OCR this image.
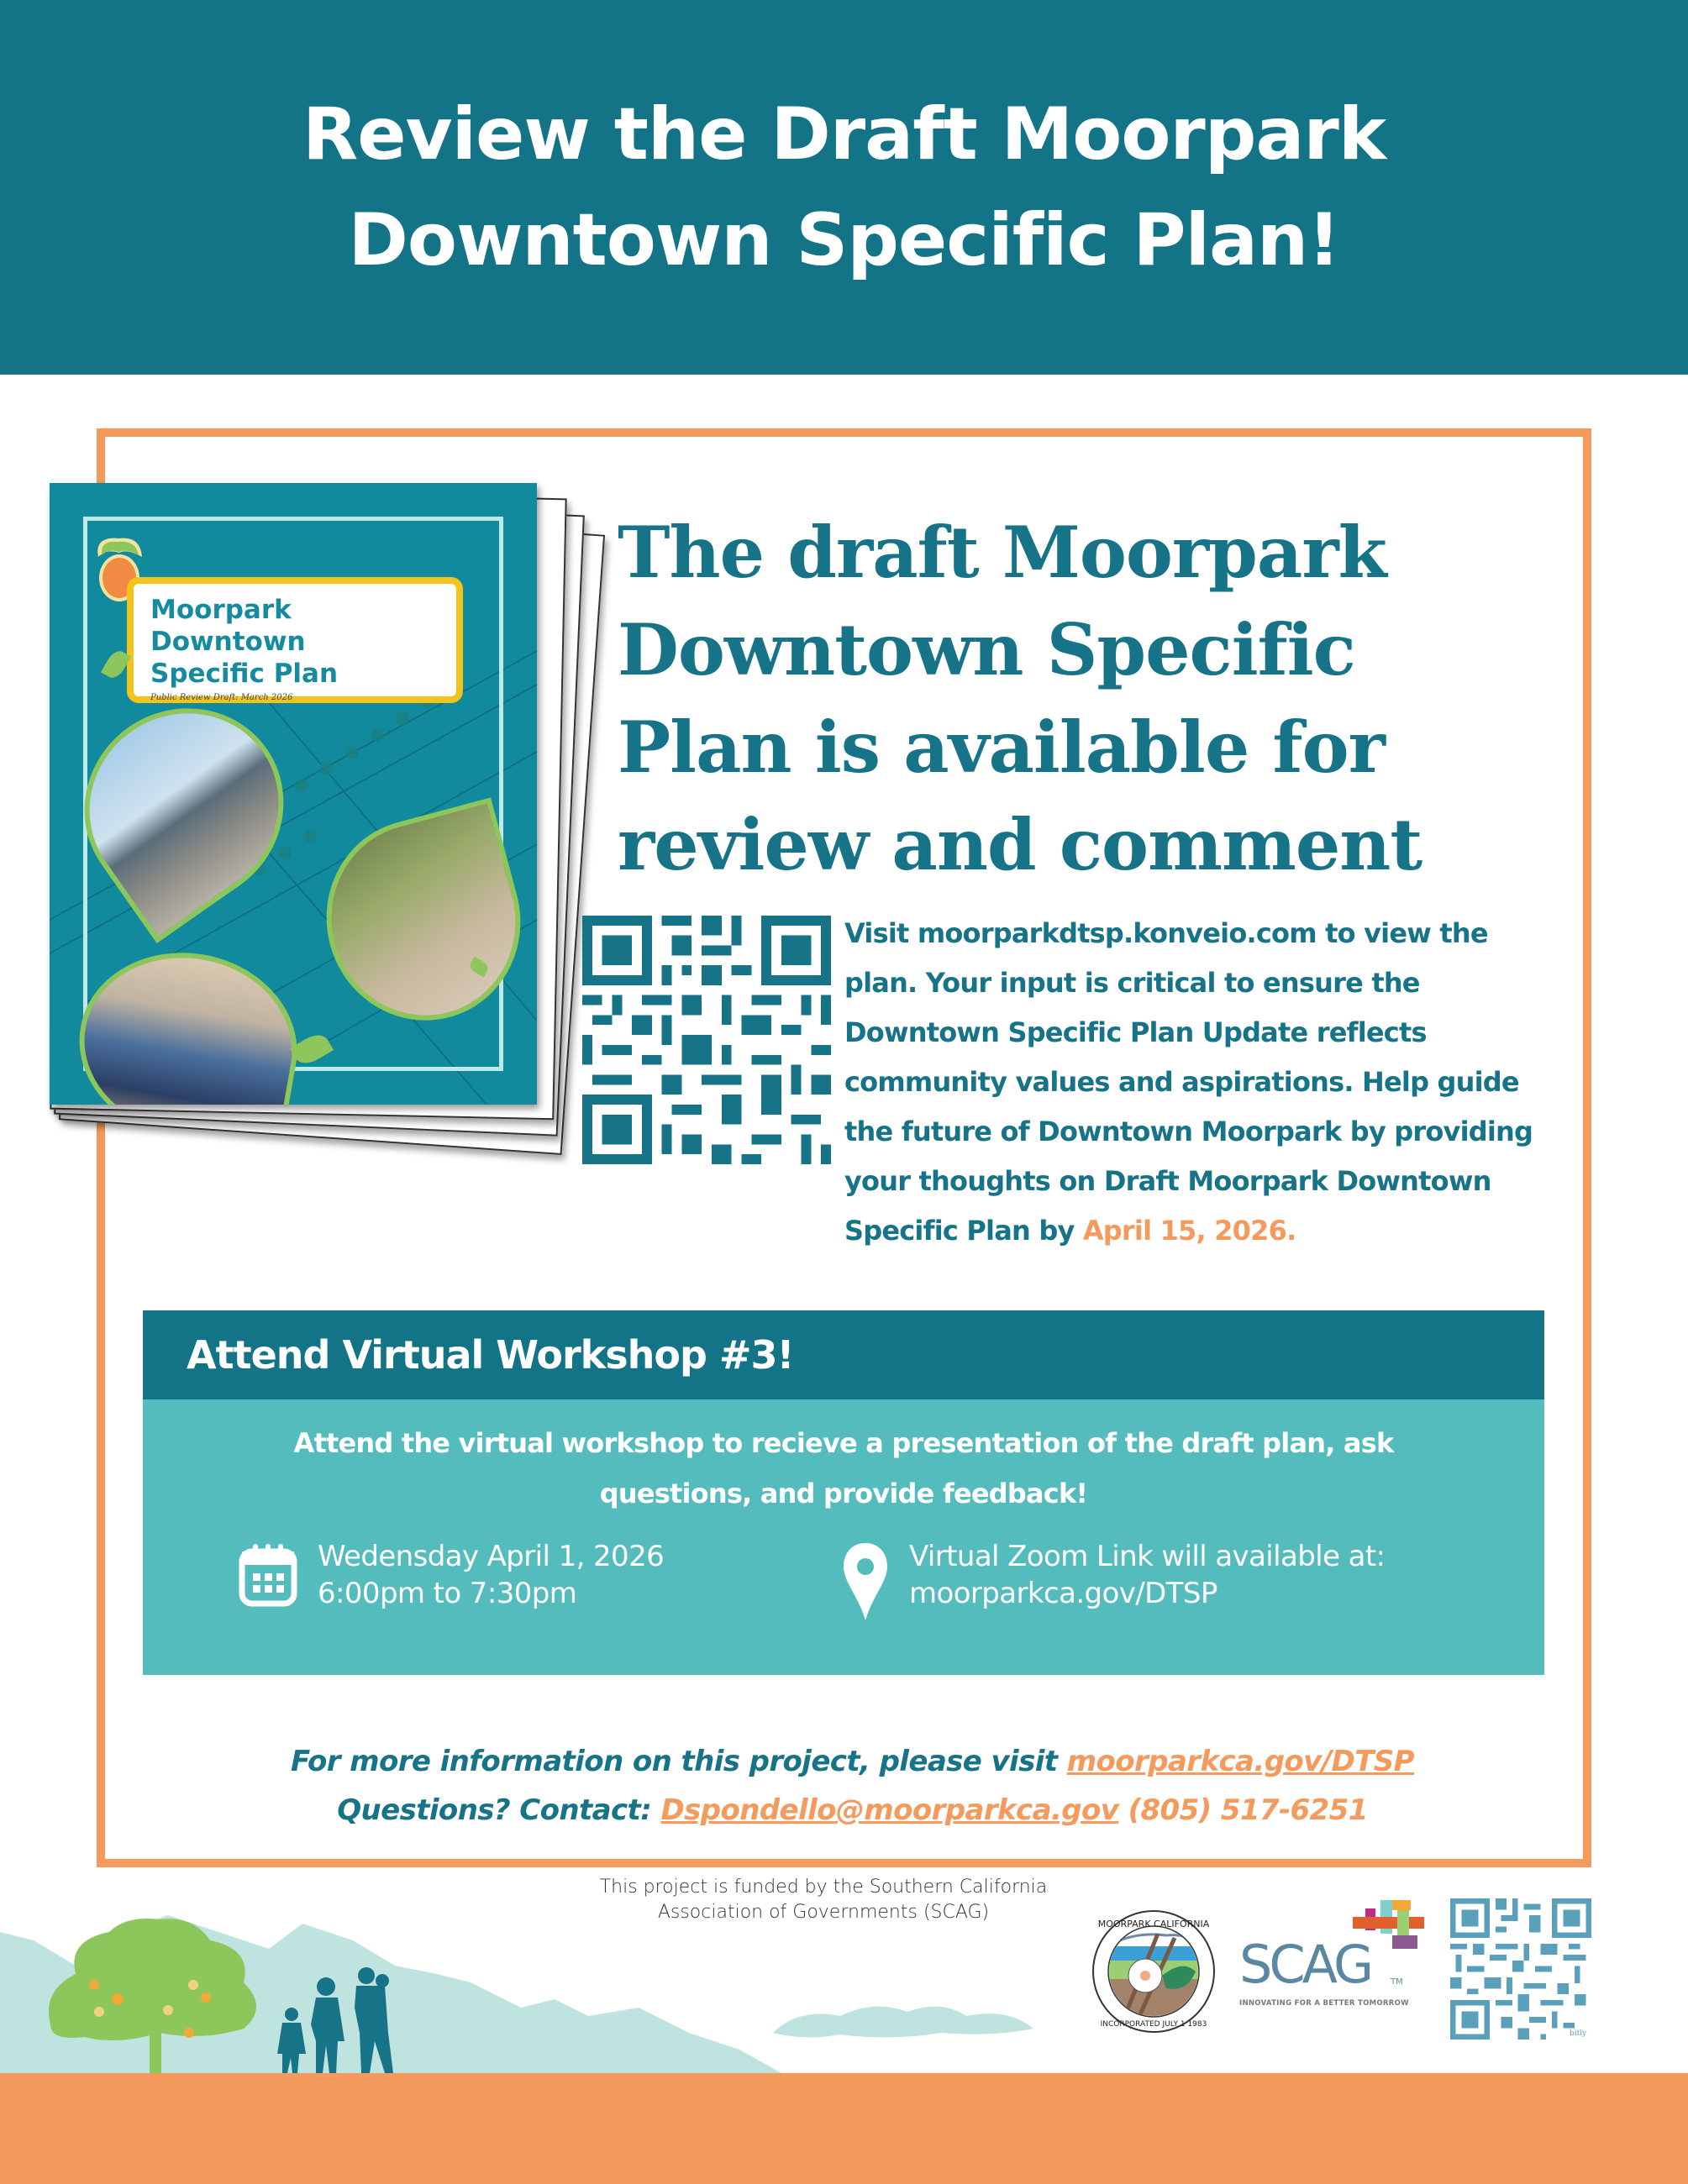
Review the Draft Moorpark
Downtown Specific Plan!
Moorpark Downtown
Specific Plan
Public Review Draft: March 2026
The draft Moorpark
Downtown Specific
Plan is available for
review and comment

Visit moorparkdtsp.konveio.com to view the plan. Your input is critical to ensure the Downtown Specific Plan Update reflects community values and aspirations. Help guide the future of Downtown Moorpark by providing your thoughts on Draft Moorpark Downtown Specific Plan by April 15, 2026.

Attend Virtual Workshop #3!

Attend the virtual workshop to recieve a presentation of the draft plan, ask questions, and provide feedback!

Wedensday April 1, 2026
6:00pm to 7:30pm
Virtual Zoom Link will available at:
moorparkca.gov/DTSP
For more information on this project, please visit moorparkca.gov/DTSP
Questions? Contact: Dspondello@moorparkca.gov (805) 517-6251
This project is funded by the Southern California
Association of Governments (SCAG)
MOORPARK CALIFORNIA
INCORPORATED JULY 1 1983
SCAG TM
INNOVATING FOR A BETTER TOMORROW
bitly
